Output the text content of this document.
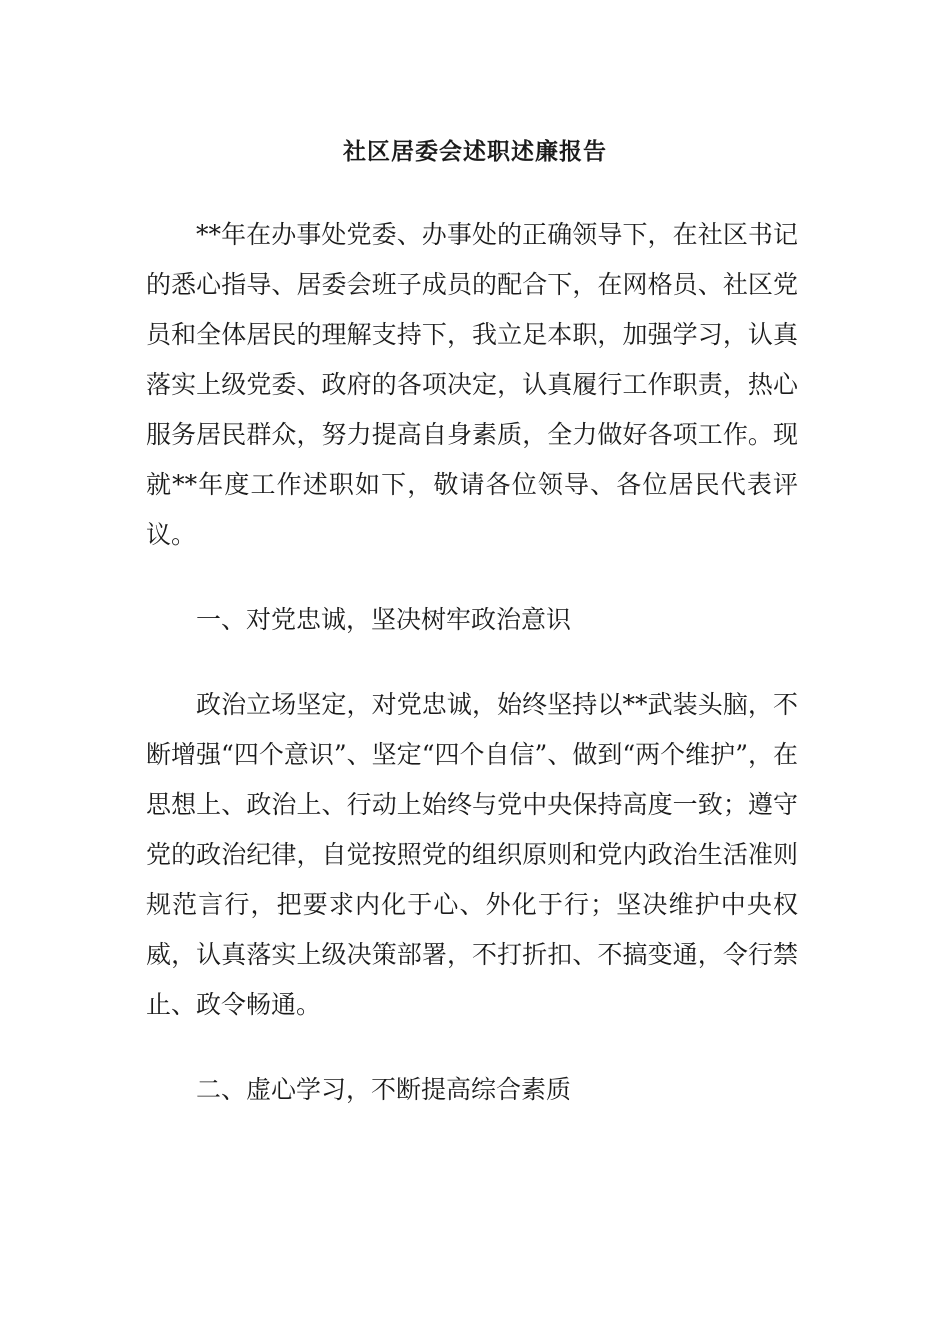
社区居委会述职述廉报告

**年在办事处党委、办事处的正确领导下，在社区书记的悉心指导、居委会班子成员的配合下，在网格员、社区党员和全体居民的理解支持下，我立足本职，加强学习，认真落实上级党委、政府的各项决定，认真履行工作职责，热心服务居民群众，努力提高自身素质，全力做好各项工作。现就**年度工作述职如下，敬请各位领导、各位居民代表评议。

一、对党忠诚，坚决树牢政治意识

政治立场坚定，对党忠诚，始终坚持以**武装头脑，不断增强“四个意识”、坚定“四个自信”、做到“两个维护”，在思想上、政治上、行动上始终与党中央保持高度一致；遵守党的政治纪律，自觉按照党的组织原则和党内政治生活准则规范言行，把要求内化于心、外化于行；坚决维护中央权威，认真落实上级决策部署，不打折扣、不搞变通，令行禁止、政令畅通。

二、虚心学习，不断提高综合素质
